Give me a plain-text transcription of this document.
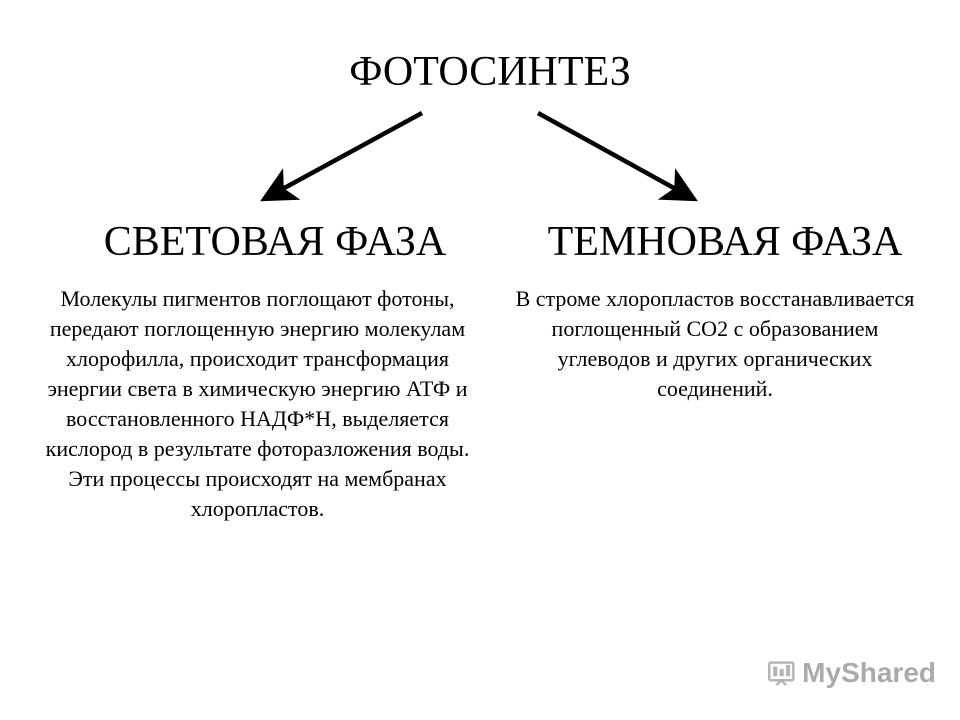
ФОТОСИНТЕЗ
СВЕТОВАЯ ФАЗА	ТЕМНОВАЯ ФАЗА
Молекулы пигментов поглощают фотоны, передают поглощенную энергию молекулам хлорофилла, происходит трансформация энергии света в химическую энергию АТФ и восстановленного НАДФ*Н, выделяется кислород в результате фоторазложения воды. Эти процессы происходят на мембранах хлоропластов.
В строме хлоропластов восстанавливается поглощенный СО2 с образованием углеводов и других органических соединений.
MyShared
